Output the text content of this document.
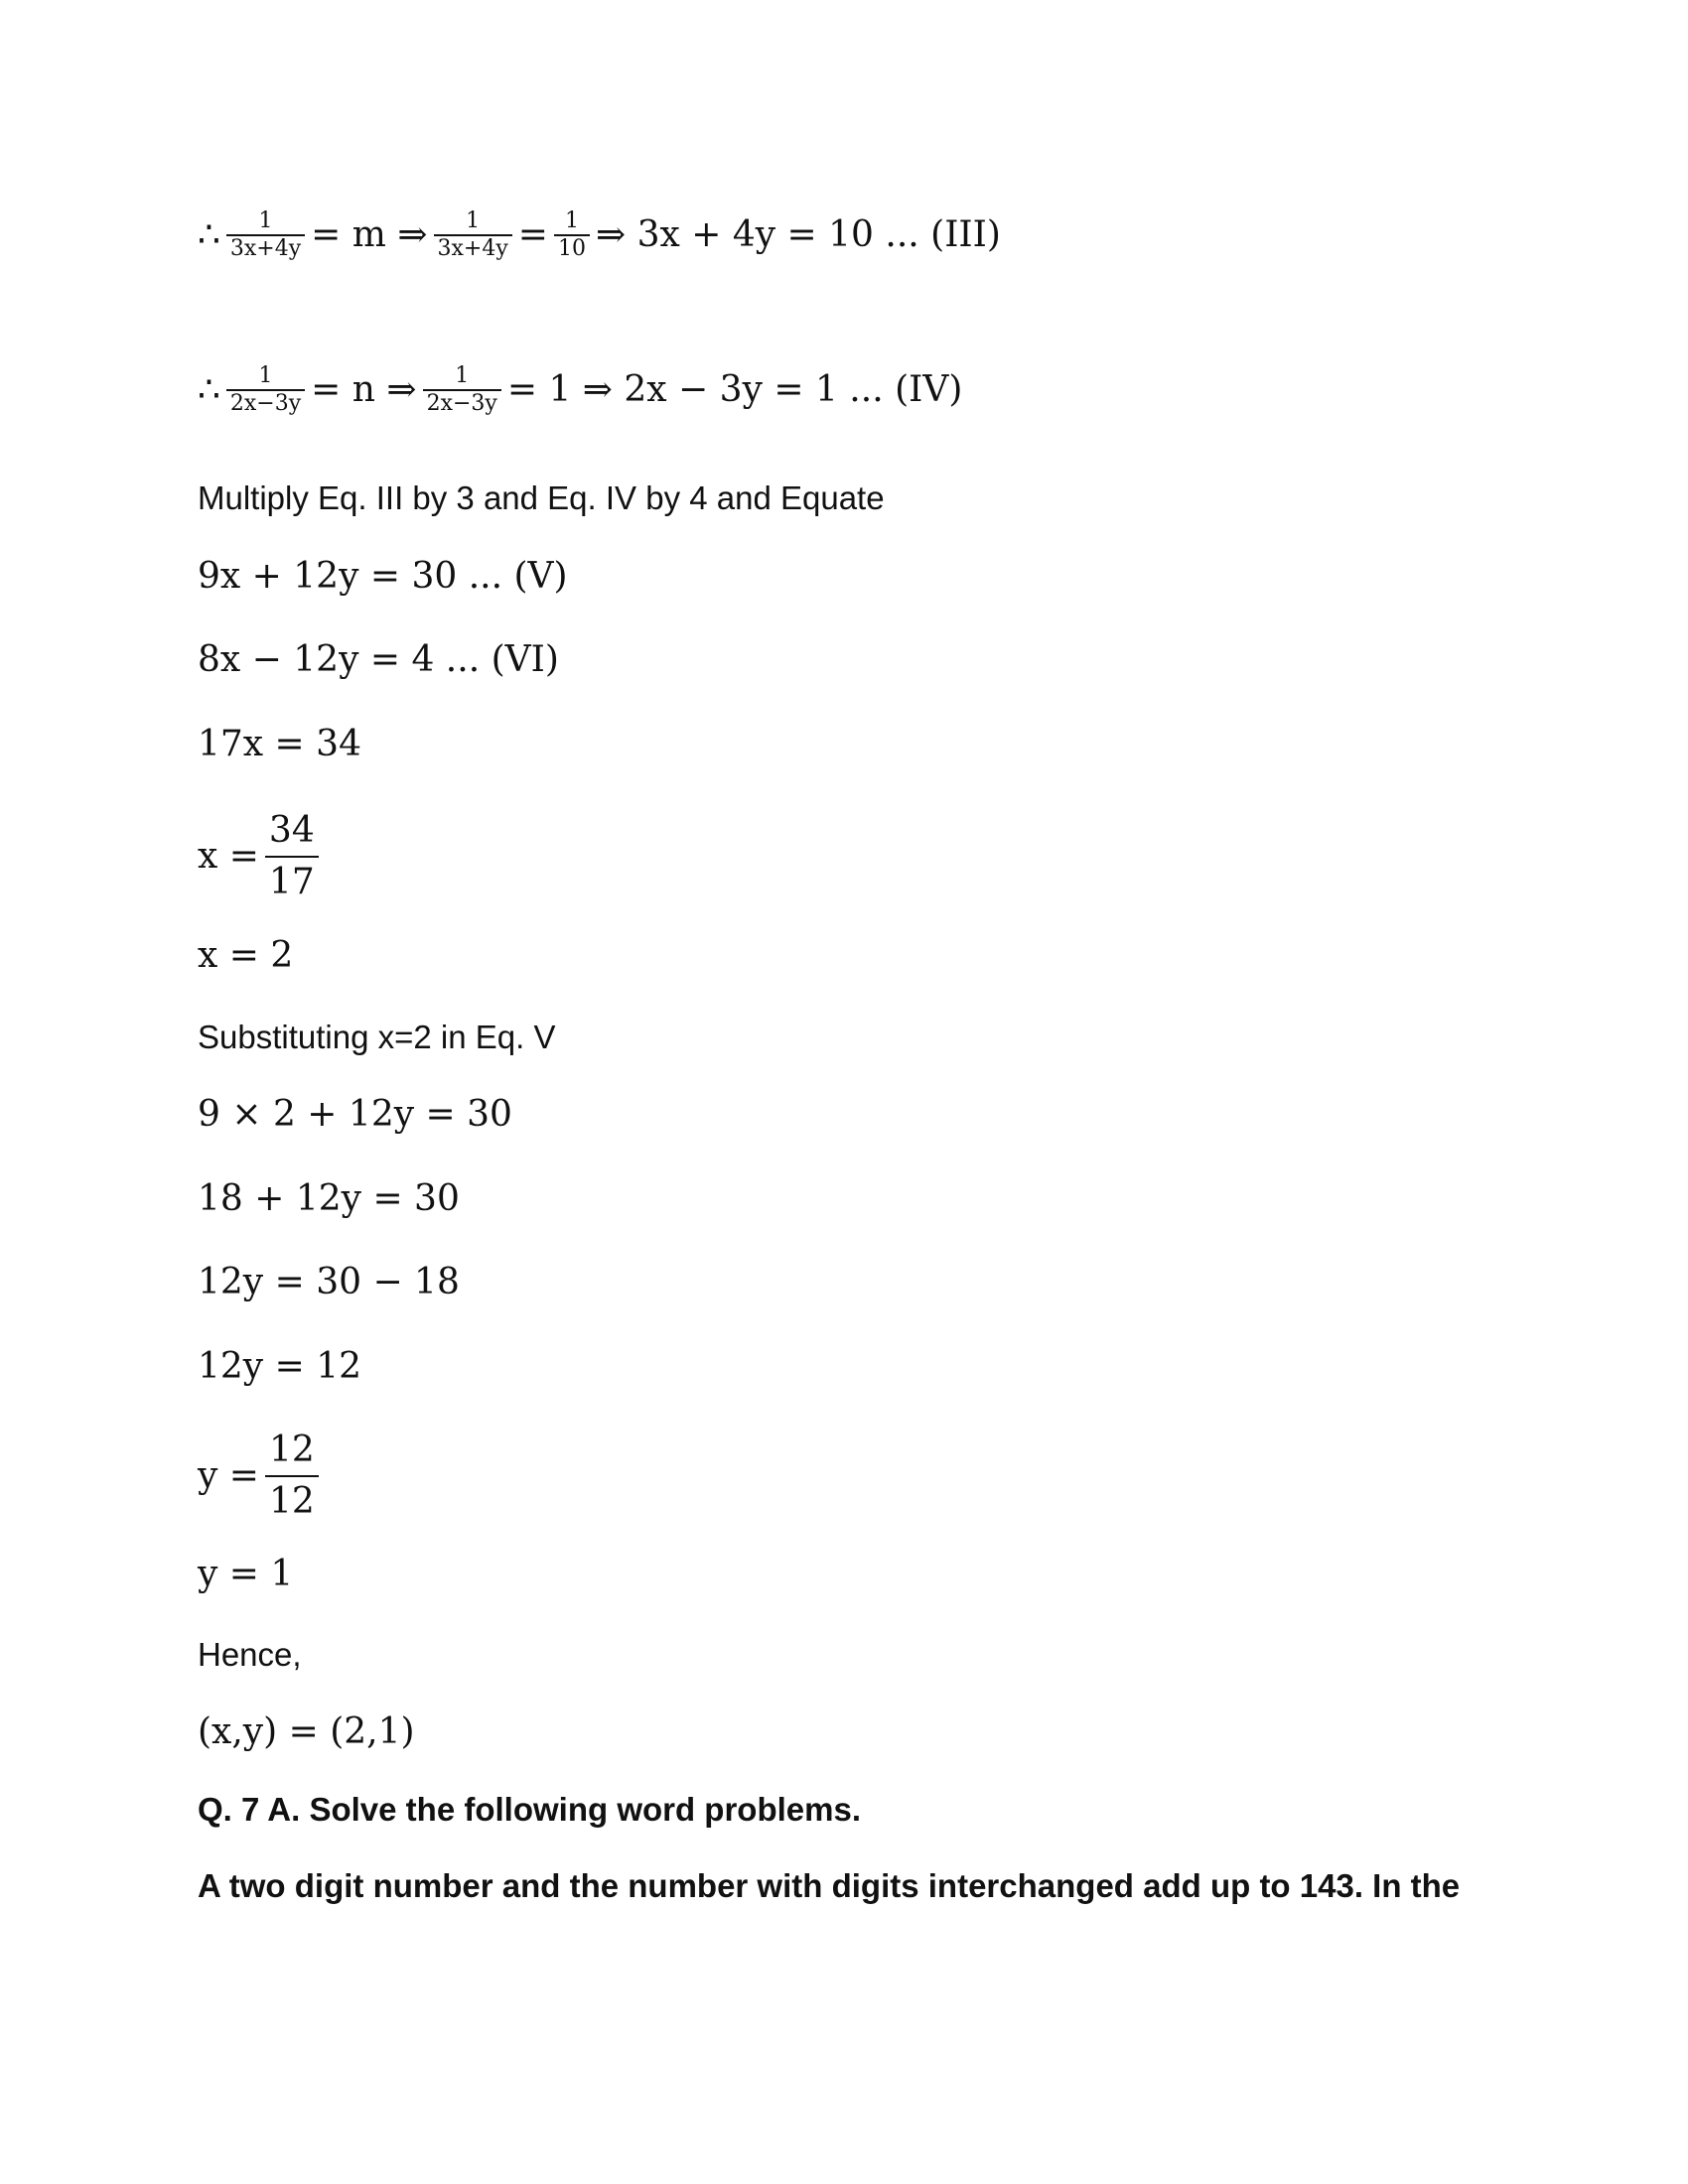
∴ $\frac{1}{3x+4y} = m$ ⇒ $\frac{1}{3x+4y} = \frac{1}{10}$ ⇒ 3x + 4y = 10 ... (III)
∴ $\frac{1}{2x-3y} = n$ ⇒ $\frac{1}{2x-3y} = 1$ ⇒ 2x − 3y = 1 ... (IV)
Multiply Eq. III by 3 and Eq. IV by 4 and Equate
9x + 12y = 30 ... (V)
8x − 12y = 4 ... (VI)
17x = 34
$x = \frac{34}{17}$
x = 2
Substituting x=2 in Eq. V
9 × 2 + 12y = 30
18 + 12y = 30
12y = 30 − 18
12y = 12
$y = \frac{12}{12}$
y = 1
Hence,
(x,y) = (2,1)
Q. 7 A. Solve the following word problems.
A two digit number and the number with digits interchanged add up to 143. In the
